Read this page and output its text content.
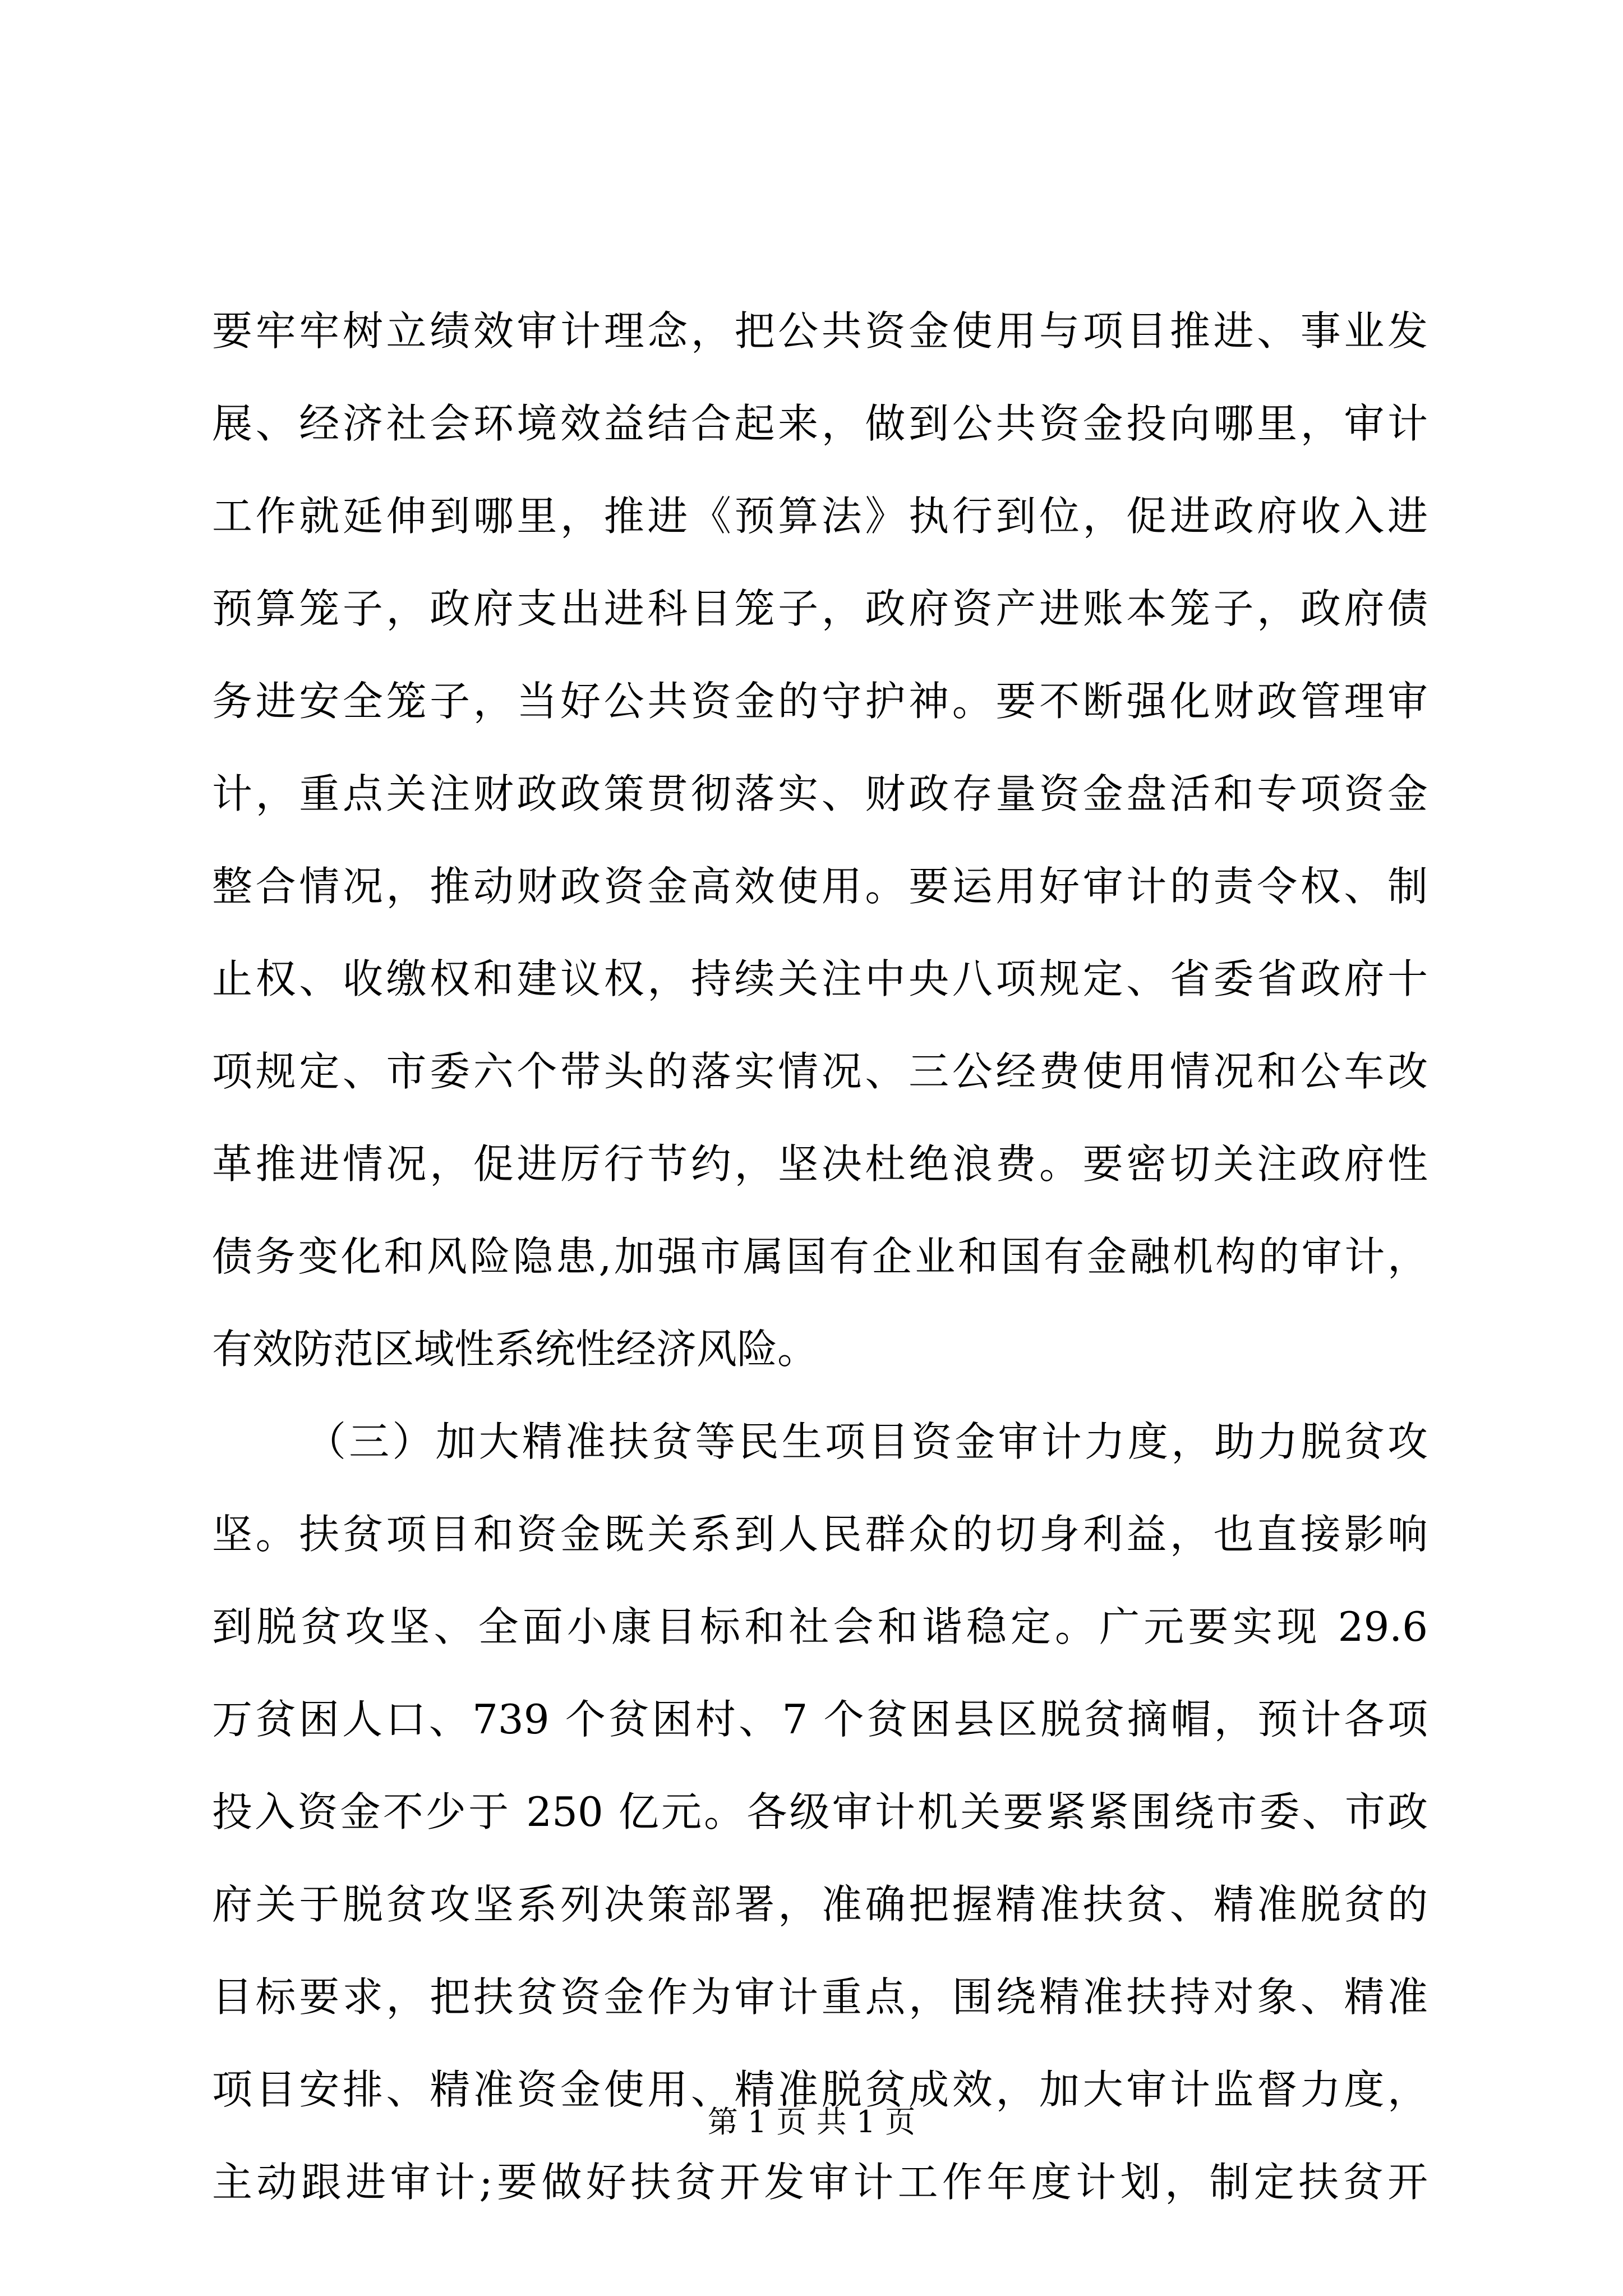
要牢牢树立绩效审计理念，把公共资金使用与项目推进、事业发
展、经济社会环境效益结合起来，做到公共资金投向哪里，审计
工作就延伸到哪里，推进《预算法》执行到位，促进政府收入进
预算笼子，政府支出进科目笼子，政府资产进账本笼子，政府债
务进安全笼子，当好公共资金的守护神。要不断强化财政管理审
计，重点关注财政政策贯彻落实、财政存量资金盘活和专项资金
整合情况，推动财政资金高效使用。要运用好审计的责令权、制
止权、收缴权和建议权，持续关注中央八项规定、省委省政府十
项规定、市委六个带头的落实情况、三公经费使用情况和公车改
革推进情况，促进厉行节约，坚决杜绝浪费。要密切关注政府性
债务变化和风险隐患,加强市属国有企业和国有金融机构的审计，
有效防范区域性系统性经济风险。
（三）加大精准扶贫等民生项目资金审计力度，助力脱贫攻
坚。扶贫项目和资金既关系到人民群众的切身利益，也直接影响
到脱贫攻坚、全面小康目标和社会和谐稳定。广元要实现 29.6
万贫困人口、739 个贫困村、7 个贫困县区脱贫摘帽，预计各项
投入资金不少于 250 亿元。各级审计机关要紧紧围绕市委、市政
府关于脱贫攻坚系列决策部署，准确把握精准扶贫、精准脱贫的
目标要求，把扶贫资金作为审计重点，围绕精准扶持对象、精准
项目安排、精准资金使用、精准脱贫成效，加大审计监督力度，
主动跟进审计;要做好扶贫开发审计工作年度计划，制定扶贫开
第 1 页 共 1 页
